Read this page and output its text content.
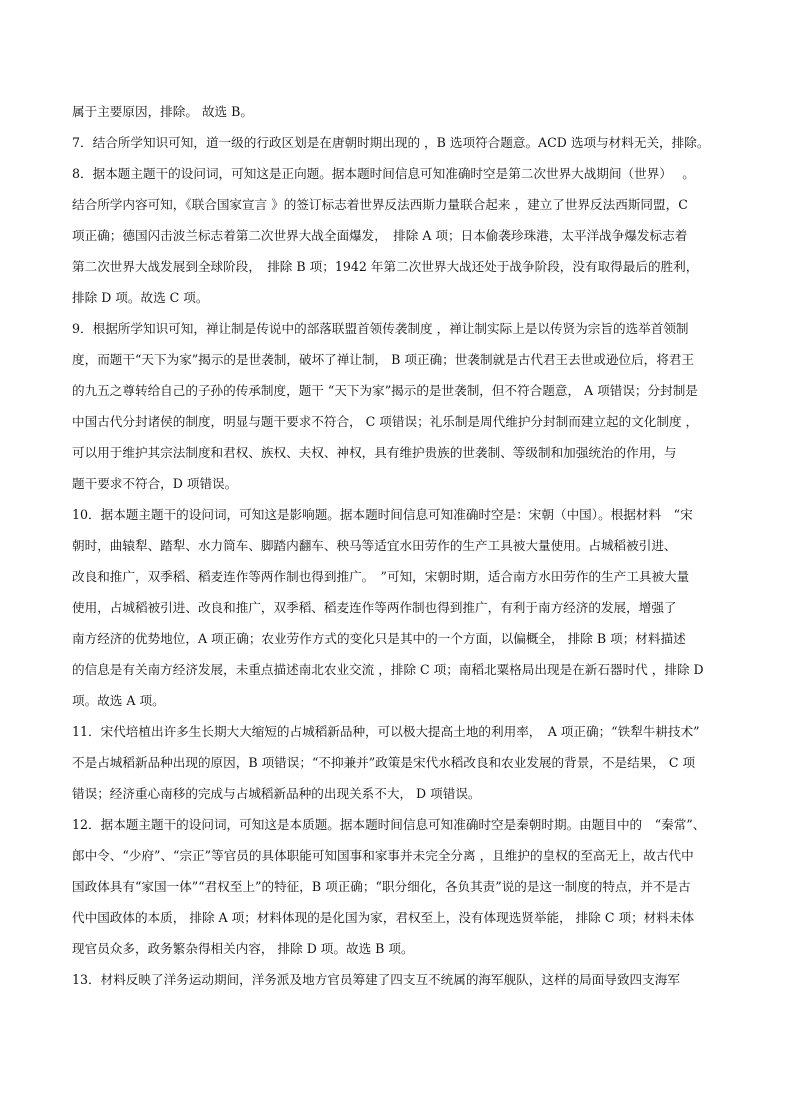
属于主要原因，排除。 故选 B。
7．结合所学知识可知，道一级的行政区划是在唐朝时期出现的 ，B 选项符合题意。ACD 选项与材料无关，排除。
8．据本题主题干的设问词，可知这是正向题。据本题时间信息可知准确时空是第二次世界大战期间（世界）　 。
结合所学内容可知，《联合国家宣言 》的签订标志着世界反法西斯力量联合起来 ，建立了世界反法西斯同盟，C
项正确；德国闪击波兰标志着第二次世界大战全面爆发，　排除 A 项；日本偷袭珍珠港，太平洋战争爆发标志着
第二次世界大战发展到全球阶段，　排除 B 项；1942 年第二次世界大战还处于战争阶段，没有取得最后的胜利，
排除 D 项。故选 C 项。
9．根据所学知识可知，禅让制是传说中的部落联盟首领传袭制度 ，禅让制实际上是以传贤为宗旨的选举首领制
度，而题干“天下为家”揭示的是世袭制，破坏了禅让制， B 项正确；世袭制就是古代君王去世或逊位后，将君王
的九五之尊转给自己的子孙的传承制度，题干 “天下为家”揭示的是世袭制，但不符合题意， A 项错误；分封制是
中国古代分封诸侯的制度，明显与题干要求不符合， C 项错误；礼乐制是周代维护分封制而建立起的文化制度 ，
可以用于维护其宗法制度和君权、族权、夫权、神权，具有维护贵族的世袭制、等级制和加强统治的作用，与
题干要求不符合，D 项错误。
10．据本题主题干的设问词，可知这是影响题。据本题时间信息可知准确时空是：宋朝（中国）。根据材料　“宋
朝时，曲辕犁、踏犁、水力筒车、脚踏内翻车、秧马等适宜水田劳作的生产工具被大量使用。占城稻被引进、
改良和推广，双季稻、稻麦连作等两作制也得到推广。　”可知，宋朝时期，适合南方水田劳作的生产工具被大量
使用，占城稻被引进、改良和推广，双季稻、稻麦连作等两作制也得到推广，有利于南方经济的发展，增强了
南方经济的优势地位，A 项正确；农业劳作方式的变化只是其中的一个方面，以偏概全， 排除 B 项；材料描述
的信息是有关南方经济发展，未重点描述南北农业交流 ，排除 C 项；南稻北粟格局出现是在新石器时代 ，排除 D
项。故选 A 项。
11．宋代培植出许多生长期大大缩短的占城稻新品种，可以极大提高土地的利用率，　A 项正确；“铁犁牛耕技术”
不是占城稻新品种出现的原因，B 项错误；“不抑兼并”政策是宋代水稻改良和农业发展的背景，不是结果， C 项
错误；经济重心南移的完成与占城稻新品种的出现关系不大， D 项错误。
12．据本题主题干的设问词，可知这是本质题。据本题时间信息可知准确时空是秦朝时期。由题目中的　“秦常”、
郎中令、“少府”、“宗正”等官员的具体职能可知国事和家事并未完全分离 ，且维护的皇权的至高无上，故古代中
国政体具有“家国一体”“君权至上”的特征，B 项正确；“职分细化，各负其责”说的是这一制度的特点，并不是古
代中国政体的本质， 排除 A 项；材料体现的是化国为家，君权至上，没有体现选贤举能， 排除 C 项；材料未体
现官员众多，政务繁杂得相关内容， 排除 D 项。故选 B 项。
13．材料反映了洋务运动期间，洋务派及地方官员筹建了四支互不统属的海军舰队，这样的局面导致四支海军
